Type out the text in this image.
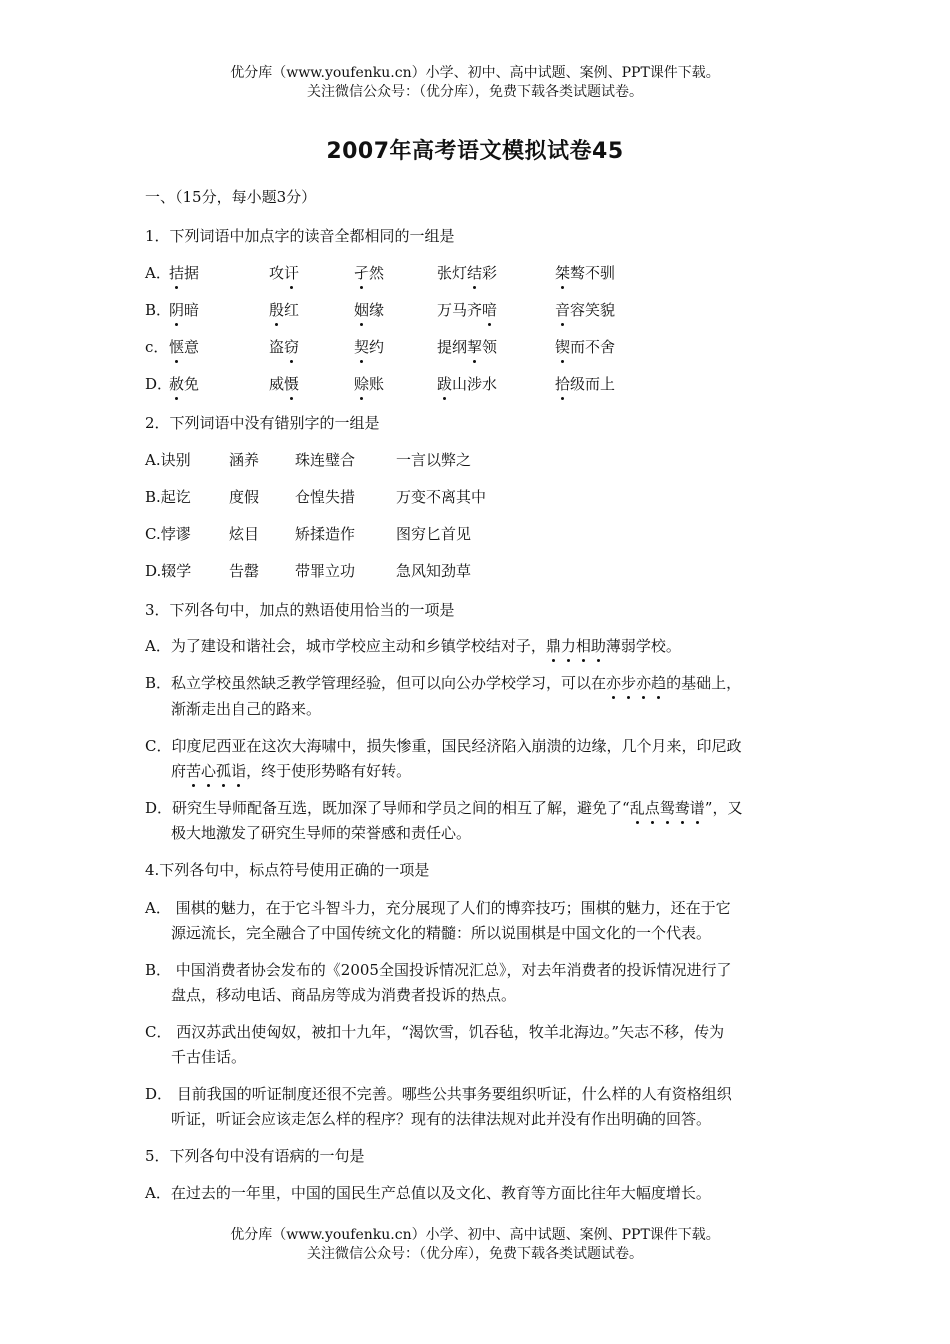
优分库（www.youfenku.cn）小学、初中、高中试题、案例、PPT课件下载。
关注微信公众号：（优分库），免费下载各类试题试卷。
2007年高考语文模拟试卷45
一、（15分，每小题3分）
1．下列词语中加点字的读音全都相同的一组是
A．
拮据	攻讦	孑然	张灯结彩	桀骜不驯
B．
阴暗	殷红	姻缘	万马齐喑	音容笑貌
c． 惬意	盗窃	契约	提纲挈领	锲而不舍
D．
赦免	威慑	赊账	跋山涉水	拾级而上
2．下列词语中没有错别字的一组是
A.诀别	涵养 珠连璧合	一言以弊之
B.起讫	度假 仓惶失措	万变不离其中
C.悖谬	炫目 矫揉造作	图穷匕首见
D.辍学	告罄 带罪立功	急风知劲草
3．下列各句中，加点的熟语使用恰当的一项是
A．为了建设和谐社会，城市学校应主动和乡镇学校结对子，鼎力相助薄弱学校。
B．私立学校虽然缺乏教学管理经验，但可以向公办学校学习，可以在亦步亦趋的基础上，
渐渐走出自己的路来。
C．印度尼西亚在这次大海啸中，损失惨重，国民经济陷入崩溃的边缘，几个月来，印尼政
府苦心孤诣，终于使形势略有好转。
D．研究生导师配备互选，既加深了导师和学员之间的相互了解，避免了“乱点鸳鸯谱”，又
极大地激发了研究生导师的荣誉感和责任心。
4.下列各句中，标点符号使用正确的一项是
A． 围棋的魅力，在于它斗智斗力，充分展现了人们的博弈技巧；围棋的魅力，还在于它
源远流长，完全融合了中国传统文化的精髓：所以说围棋是中国文化的一个代表。
B． 中国消费者协会发布的《2005全国投诉情况汇总》，对去年消费者的投诉情况进行了
盘点，移动电话、商品房等成为消费者投诉的热点。
C． 西汉苏武出使匈奴，被扣十九年，“渴饮雪，饥吞毡，牧羊北海边。”矢志不移，传为
千古佳话。
D． 目前我国的听证制度还很不完善。哪些公共事务要组织听证，什么样的人有资格组织
听证，听证会应该走怎么样的程序？现有的法律法规对此并没有作出明确的回答。
5．下列各句中没有语病的一句是
A．在过去的一年里，中国的国民生产总值以及文化、教育等方面比往年大幅度增长。
优分库（www.youfenku.cn）小学、初中、高中试题、案例、PPT课件下载。
关注微信公众号：（优分库），免费下载各类试题试卷。
